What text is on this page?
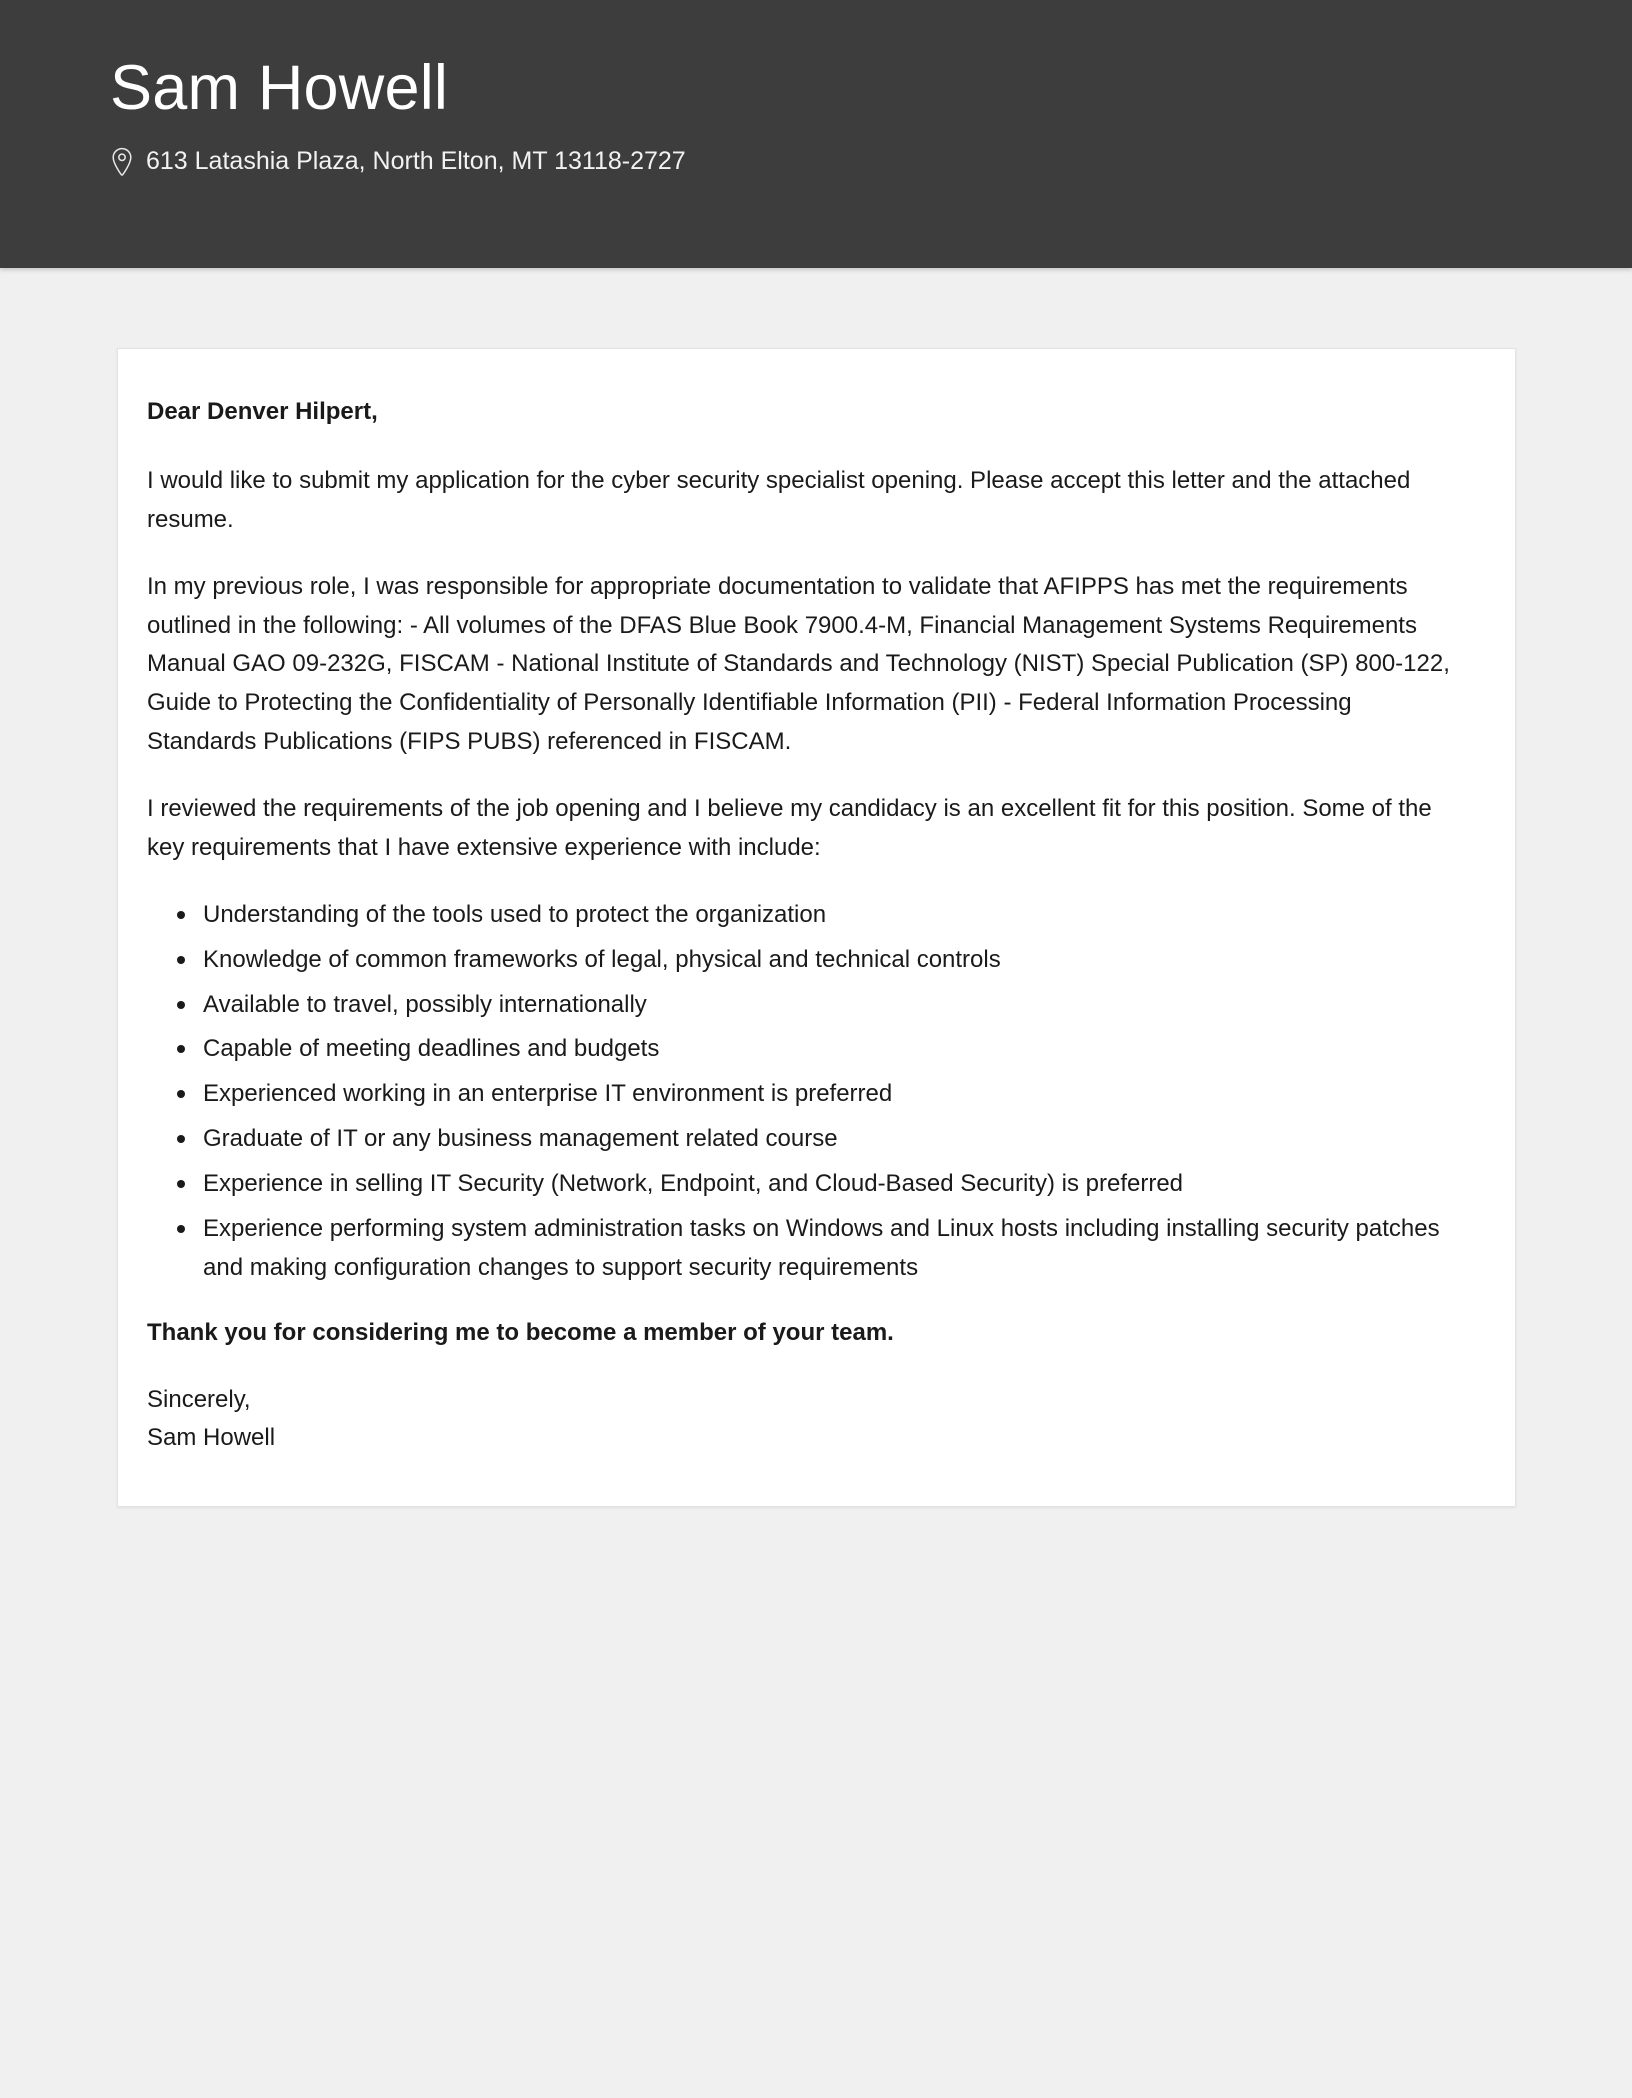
Sam Howell
613 Latashia Plaza, North Elton, MT 13118-2727

Dear Denver Hilpert,

I would like to submit my application for the cyber security specialist opening. Please accept this letter and the attached resume.

In my previous role, I was responsible for appropriate documentation to validate that AFIPPS has met the requirements outlined in the following: - All volumes of the DFAS Blue Book 7900.4-M, Financial Management Systems Requirements Manual GAO 09-232G, FISCAM - National Institute of Standards and Technology (NIST) Special Publication (SP) 800-122, Guide to Protecting the Confidentiality of Personally Identifiable Information (PII) - Federal Information Processing Standards Publications (FIPS PUBS) referenced in FISCAM.

I reviewed the requirements of the job opening and I believe my candidacy is an excellent fit for this position. Some of the key requirements that I have extensive experience with include:

Understanding of the tools used to protect the organization
Knowledge of common frameworks of legal, physical and technical controls
Available to travel, possibly internationally
Capable of meeting deadlines and budgets
Experienced working in an enterprise IT environment is preferred
Graduate of IT or any business management related course
Experience in selling IT Security (Network, Endpoint, and Cloud-Based Security) is preferred
Experience performing system administration tasks on Windows and Linux hosts including installing security patches and making configuration changes to support security requirements

Thank you for considering me to become a member of your team.

Sincerely,
Sam Howell
